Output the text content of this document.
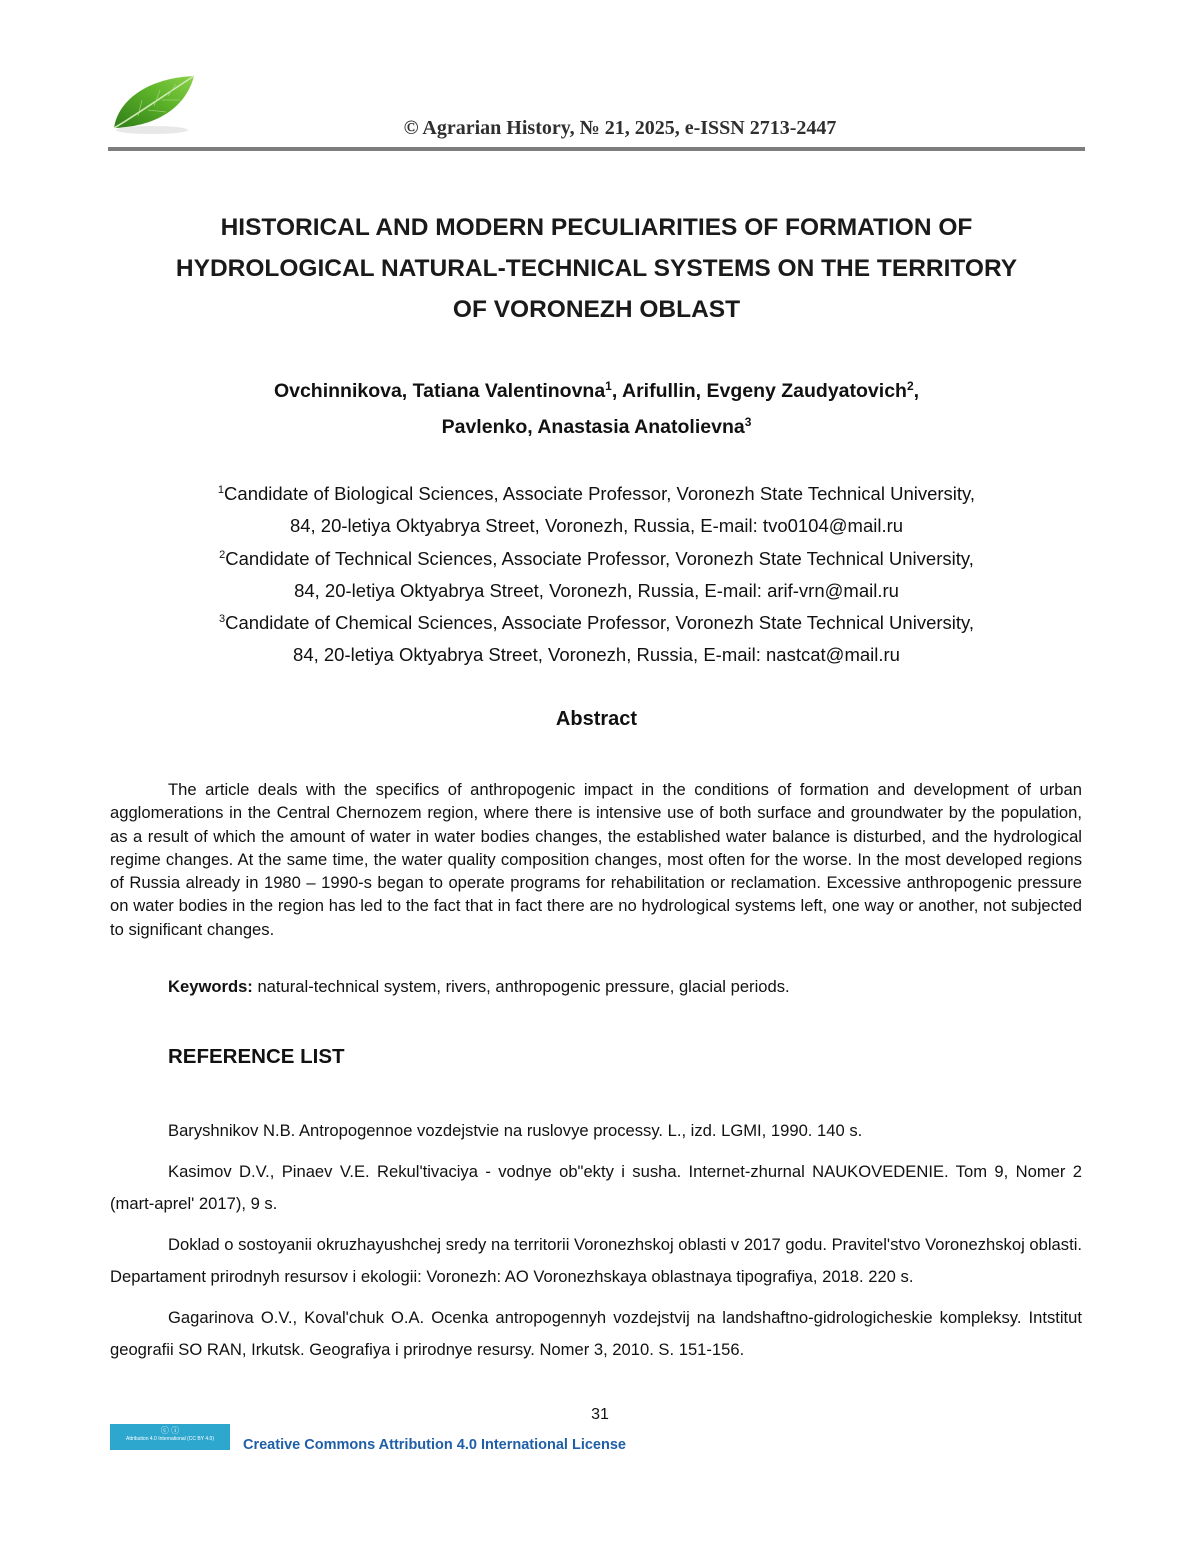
© Agrarian History, № 21, 2025, e-ISSN 2713-2447
HISTORICAL AND MODERN PECULIARITIES OF FORMATION OF
HYDROLOGICAL NATURAL-TECHNICAL SYSTEMS ON THE TERRITORY
OF VORONEZH OBLAST
Ovchinnikova, Tatiana Valentinovna$^1$, Arifullin, Evgeny Zaudyatovich$^2$,
Pavlenko, Anastasia Anatolievna$^3$
$^1$Candidate of Biological Sciences, Associate Professor, Voronezh State Technical University,
84, 20-letiya Oktyabrya Street, Voronezh, Russia, E-mail: tvo0104@mail.ru
$^2$Candidate of Technical Sciences, Associate Professor, Voronezh State Technical University,
84, 20-letiya Oktyabrya Street, Voronezh, Russia, E-mail: arif-vrn@mail.ru
$^3$Candidate of Chemical Sciences, Associate Professor, Voronezh State Technical University,
84, 20-letiya Oktyabrya Street, Voronezh, Russia, E-mail: nastcat@mail.ru
Abstract

The article deals with the specifics of anthropogenic impact in the conditions of formation and development of urban agglomerations in the Central Chernozem region, where there is intensive use of both surface and groundwater by the population, as a result of which the amount of water in water bodies changes, the established water balance is disturbed, and the hydrological regime changes. At the same time, the water quality composition changes, most often for the worse. In the most developed regions of Russia already in 1980 – 1990-s began to operate programs for rehabilitation or reclamation. Excessive anthropogenic pressure on water bodies in the region has led to the fact that in fact there are no hydrological systems left, one way or another, not subjected to significant changes.

Keywords: natural-technical system, rivers, anthropogenic pressure, glacial periods.
REFERENCE LIST

Baryshnikov N.B. Antropogennoe vozdejstvie na ruslovye processy. L., izd. LGMI, 1990. 140 s.

Kasimov D.V., Pinaev V.E. Rekul'tivaciya - vodnye ob"ekty i susha. Internet-zhurnal NAUKOVEDENIE. Tom 9, Nomer 2 (mart-aprel' 2017), 9 s.

Doklad o sostoyanii okruzhayushchej sredy na territorii Voronezhskoj oblasti v 2017 godu. Pravitel'stvo Voronezhskoj oblasti. Departament prirodnyh resursov i ekologii: Voronezh: AO Voronezhskaya oblastnaya tipografiya, 2018. 220 s.

Gagarinova O.V., Koval'chuk O.A. Ocenka antropogennyh vozdejstvij na landshaftno-gidrologicheskie kompleksy. Intstitut geografii SO RAN, Irkutsk. Geografiya i prirodnye resursy. Nomer 3, 2010. S. 151-156.

31
ⓒ ⓘ
Attribution 4.0 International (CC BY 4.0)	Creative Commons Attribution 4.0 International License
